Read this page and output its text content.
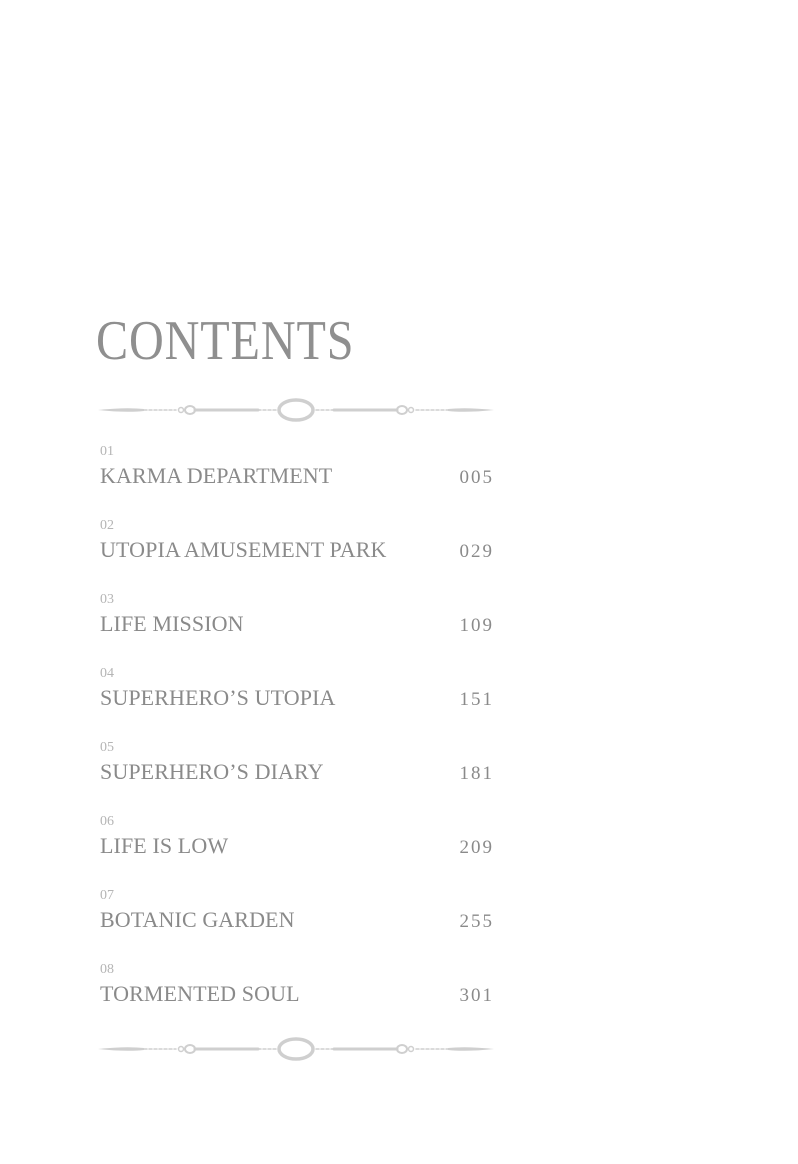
CONTENTS
01
KARMA DEPARTMENT	005
02
UTOPIA AMUSEMENT PARK	029
03
LIFE MISSION	109
04
SUPERHERO’S UTOPIA	151
05
SUPERHERO’S DIARY	181
06
LIFE IS LOW	209
07
BOTANIC GARDEN	255
08
TORMENTED SOUL	301
